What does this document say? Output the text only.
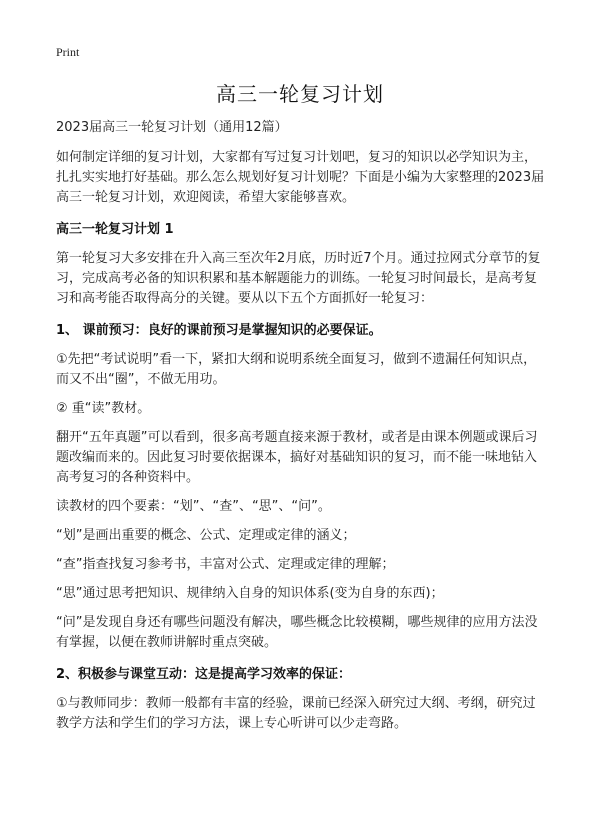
Print
高三一轮复习计划
2023届高三一轮复习计划（通用12篇）

如何制定详细的复习计划，大家都有写过复习计划吧，复习的知识以必学知识为主，扎扎实实地打好基础。那么怎么规划好复习计划呢？下面是小编为大家整理的2023届高三一轮复习计划，欢迎阅读，希望大家能够喜欢。

高三一轮复习计划 1

第一轮复习大多安排在升入高三至次年2月底，历时近7个月。通过拉网式分章节的复习，完成高考必备的知识积累和基本解题能力的训练。一轮复习时间最长，是高考复习和高考能否取得高分的关键。要从以下五个方面抓好一轮复习：

1、 课前预习：良好的课前预习是掌握知识的必要保证。

①先把“考试说明”看一下，紧扣大纲和说明系统全面复习，做到不遗漏任何知识点，而又不出“圈”，不做无用功。

② 重“读”教材。

翻开“五年真题”可以看到，很多高考题直接来源于教材，或者是由课本例题或课后习题改编而来的。因此复习时要依据课本，搞好对基础知识的复习，而不能一味地钻入高考复习的各种资料中。

读教材的四个要素：“划”、“查”、“思”、“问”。

“划”是画出重要的概念、公式、定理或定律的涵义；

“查”指查找复习参考书，丰富对公式、定理或定律的理解；

“思”通过思考把知识、规律纳入自身的知识体系(变为自身的东西)；

“问”是发现自身还有哪些问题没有解决，哪些概念比较模糊，哪些规律的应用方法没有掌握，以便在教师讲解时重点突破。

2、积极参与课堂互动：这是提高学习效率的保证：

①与教师同步：教师一般都有丰富的经验，课前已经深入研究过大纲、考纲，研究过教学方法和学生们的学习方法，课上专心听讲可以少走弯路。
